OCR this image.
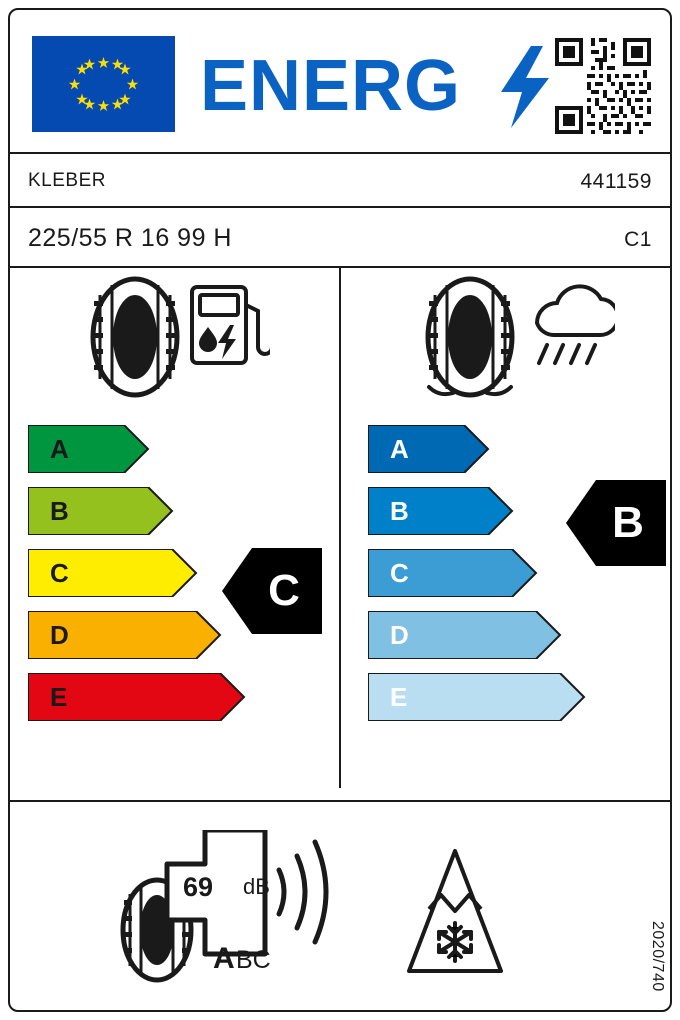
ENERG
KLEBER	441159
225/55 R 16 99 H	C1
A
B
C
D
E
C
A
B
C
D
E
B
69 dB
A BC	2020/740
